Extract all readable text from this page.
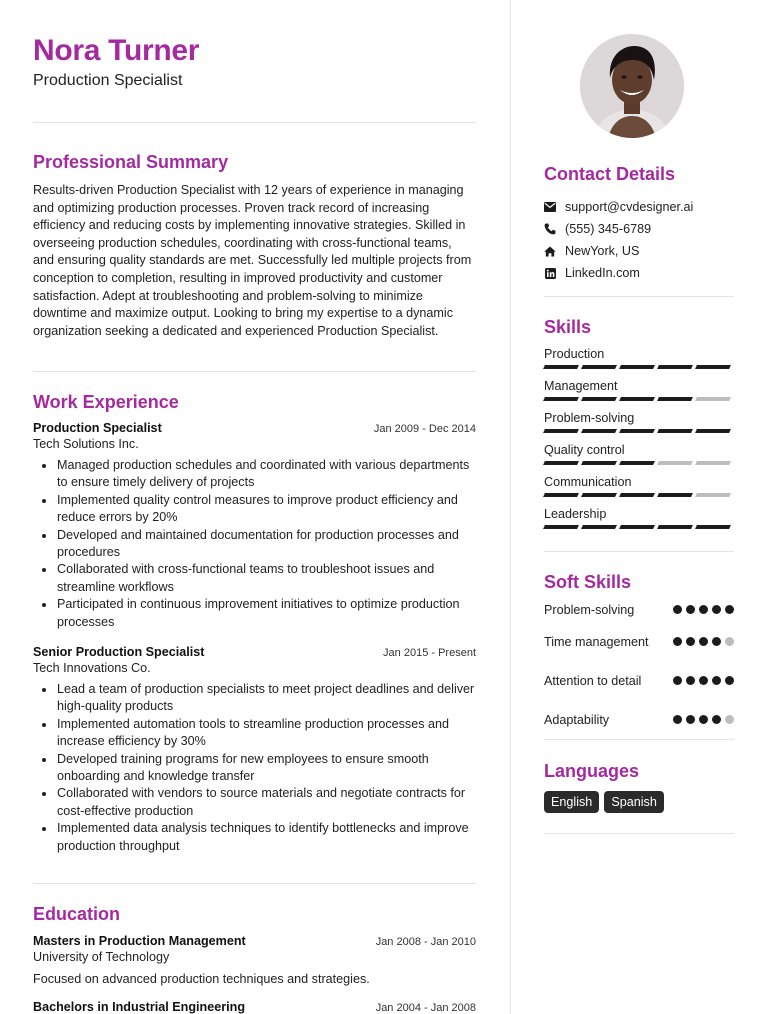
Nora Turner
Production Specialist
Professional Summary
Results-driven Production Specialist with 12 years of experience in managing and optimizing production processes. Proven track record of increasing efficiency and reducing costs by implementing innovative strategies. Skilled in overseeing production schedules, coordinating with cross-functional teams, and ensuring quality standards are met. Successfully led multiple projects from conception to completion, resulting in improved productivity and customer satisfaction. Adept at troubleshooting and problem-solving to minimize downtime and maximize output. Looking to bring my expertise to a dynamic organization seeking a dedicated and experienced Production Specialist.
Work Experience
Production Specialist	Jan 2009 - Dec 2014
Tech Solutions Inc.
Managed production schedules and coordinated with various departments to ensure timely delivery of projects
Implemented quality control measures to improve product efficiency and reduce errors by 20%
Developed and maintained documentation for production processes and procedures
Collaborated with cross-functional teams to troubleshoot issues and streamline workflows
Participated in continuous improvement initiatives to optimize production processes
Senior Production Specialist	Jan 2015 - Present
Tech Innovations Co.
Lead a team of production specialists to meet project deadlines and deliver high-quality products
Implemented automation tools to streamline production processes and increase efficiency by 30%
Developed training programs for new employees to ensure smooth onboarding and knowledge transfer
Collaborated with vendors to source materials and negotiate contracts for cost-effective production
Implemented data analysis techniques to identify bottlenecks and improve production throughput
Education
Masters in Production Management	Jan 2008 - Jan 2010
University of Technology
Focused on advanced production techniques and strategies.
Bachelors in Industrial Engineering	Jan 2004 - Jan 2008
Contact Details
support@cvdesigner.ai
(555) 345-6789
NewYork, US
LinkedIn.com
Skills
Production
Management
Problem-solving
Quality control
Communication
Leadership
Soft Skills
Problem-solving
Time management
Attention to detail
Adaptability
Languages
English	Spanish
